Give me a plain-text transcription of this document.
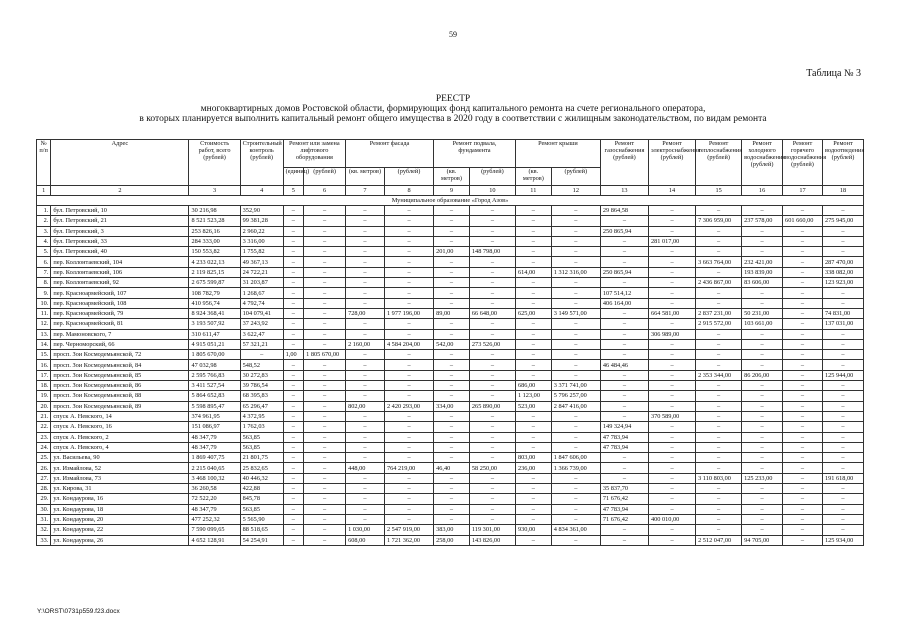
59
Таблица № 3
РЕЕСТР
многоквартирных домов Ростовской области, формирующих фонд капитального ремонта на счете регионального оператора,
в которых планируется выполнить капитальный ремонт общего имущества в 2020 году в соответствии с жилищным законодательством, по видам ремонта
№ п/п	Адрес	Стоимость работ, всего (рублей)	Строительный контроль (рублей)	Ремонт или замена лифтового оборудования		Ремонт фасада		Ремонт подвала, фундамента		Ремонт крыши		Ремонт газоснабжения (рублей)	Ремонт электроснабжения (рублей)	Ремонт теплоснабжения (рублей)	Ремонт холодного водоснабжения (рублей)	Ремонт горячего водоснабжения (рублей)	Ремонт водоотведения (рублей)

				(единиц)	(рублей)	(кв. метров)	(рублей)	(кв. метров)	(рублей)	(кв. метров)	(рублей)						
1	2	3	4	5	6	7	8	9	10	11	12	13	14	15	16	17	18
Муниципальное образование «Город Азов»																	
1.	бул. Петровский, 10	30 216,98	352,90	–	–	–	–	–	–	–	–	29 864,58	–	–	–	–	–
2.	бул. Петровский, 21	8 521 523,28	99 381,28	–	–	–	–	–	–	–	–	–	–	7 306 959,00	237 578,00	601 660,00	275 945,00
3.	бул. Петровский, 3	253 826,16	2 960,22	–	–	–	–	–	–	–	–	250 865,94	–	–	–	–	–
4.	бул. Петровский, 33	284 333,00	3 316,00	–	–	–	–	–	–	–	–	–	281 017,00	–	–	–	–
5.	бул. Петровский, 40	150 553,82	1 755,82	–	–	–	–	201,00	148 798,00	–	–	–	–	–	–	–	–
6.	пер. Коллонтаевский, 104	4 233 022,13	49 367,13	–	–	–	–	–	–	–	–	–	–	3 663 764,00	232 421,00	–	287 470,00
7.	пер. Коллонтаевский, 106	2 119 825,15	24 722,21	–	–	–	–	–	–	614,00	1 312 316,00	250 865,94	–	–	193 839,00	–	338 082,00
8.	пер. Коллонтаевский, 92	2 675 599,87	31 203,87	–	–	–	–	–	–	–	–	–	–	2 436 867,00	83 606,00	–	123 923,00
9.	пер. Красноармейский, 107	108 782,79	1 268,67	–	–	–	–	–	–	–	–	107 514,12	–	–	–	–	–
10.	пер. Красноармейский, 108	410 956,74	4 792,74	–	–	–	–	–	–	–	–	406 164,00	–	–	–	–	–
11.	пер. Красноармейский, 79	8 924 368,41	104 079,41	–	–	728,00	1 977 196,00	89,00	66 648,00	625,00	3 149 571,00	–	664 581,00	2 837 231,00	50 231,00	–	74 831,00
12.	пер. Красноармейский, 81	3 193 507,92	37 243,92	–	–	–	–	–	–	–	–	–	–	2 915 572,00	103 661,00	–	137 031,00
13.	пер. Мамоновского, 7	310 611,47	3 622,47	–	–	–	–	–	–	–	–	–	306 989,00	–	–	–	–
14.	пер. Черноморский, 66	4 915 051,21	57 321,21	–	–	2 160,00	4 584 204,00	542,00	273 526,00	–	–	–	–	–	–	–	–
15.	просп. Зои Космодемьянской, 72	1 805 670,00	–	1,00	1 805 670,00	–	–	–	–	–	–	–	–	–	–	–	–
16.	просп. Зои Космодемьянской, 84	47 032,98	548,52	–	–	–	–	–	–	–	–	46 484,46	–	–	–	–	–
17.	просп. Зои Космодемьянской, 85	2 595 766,83	30 272,83	–	–	–	–	–	–	–	–	–	–	2 353 344,00	86 206,00	–	125 944,00
18.	просп. Зои Космодемьянской, 86	3 411 527,54	39 786,54	–	–	–	–	–	–	686,00	3 371 741,00	–	–	–	–	–	–
19.	просп. Зои Космодемьянской, 88	5 864 652,83	68 395,83	–	–	–	–	–	–	1 123,00	5 796 257,00	–	–	–	–	–	–
20.	просп. Зои Космодемьянской, 89	5 598 895,47	65 296,47	–	–	802,00	2 420 293,00	334,00	265 890,00	523,00	2 847 416,00	–	–	–	–	–	–
21.	спуск А. Невского, 14	374 961,95	4 372,95	–	–	–	–	–	–	–	–	–	370 589,00	–	–	–	–
22.	спуск А. Невского, 16	151 086,97	1 762,03	–	–	–	–	–	–	–	–	149 324,94	–	–	–	–	–
23.	спуск А. Невского, 2	48 347,79	563,85	–	–	–	–	–	–	–	–	47 783,94	–	–	–	–	–
24.	спуск А. Невского, 4	48 347,79	563,85	–	–	–	–	–	–	–	–	47 783,94	–	–	–	–	–
25.	ул. Васильева, 90	1 869 407,75	21 801,75	–	–	–	–	–	–	803,00	1 847 606,00	–	–	–	–	–	–
26.	ул. Измайлова, 52	2 215 040,65	25 832,65	–	–	448,00	764 219,00	46,40	58 250,00	236,00	1 366 739,00	–	–	–	–	–	–
27.	ул. Измайлова, 73	3 468 100,32	40 446,32	–	–	–	–	–	–	–	–	–	–	3 110 803,00	125 233,00	–	191 618,00
28.	ул. Кирова, 31	36 260,58	422,88	–	–	–	–	–	–	–	–	35 837,70	–	–	–	–	–
29.	ул. Кондаурова, 16	72 522,20	845,78	–	–	–	–	–	–	–	–	71 676,42	–	–	–	–	–
30.	ул. Кондаурова, 18	48 347,79	563,85	–	–	–	–	–	–	–	–	47 783,94	–	–	–	–	–
31.	ул. Кондаурова, 20	477 252,32	5 565,90	–	–	–	–	–	–	–	–	71 676,42	400 010,00	–	–	–	–
32.	ул. Кондаурова, 22	7 590 099,65	88 518,65	–	–	1 030,00	2 547 919,00	383,00	119 301,00	930,00	4 834 361,00	–	–	–	–	–	–
33.	ул. Кондаурова, 26	4 652 128,91	54 254,91	–	–	608,00	1 721 362,00	258,00	143 826,00	–	–	–	–	2 512 047,00	94 705,00	–	125 934,00
Y:\ORST\0731p559.f23.docx
